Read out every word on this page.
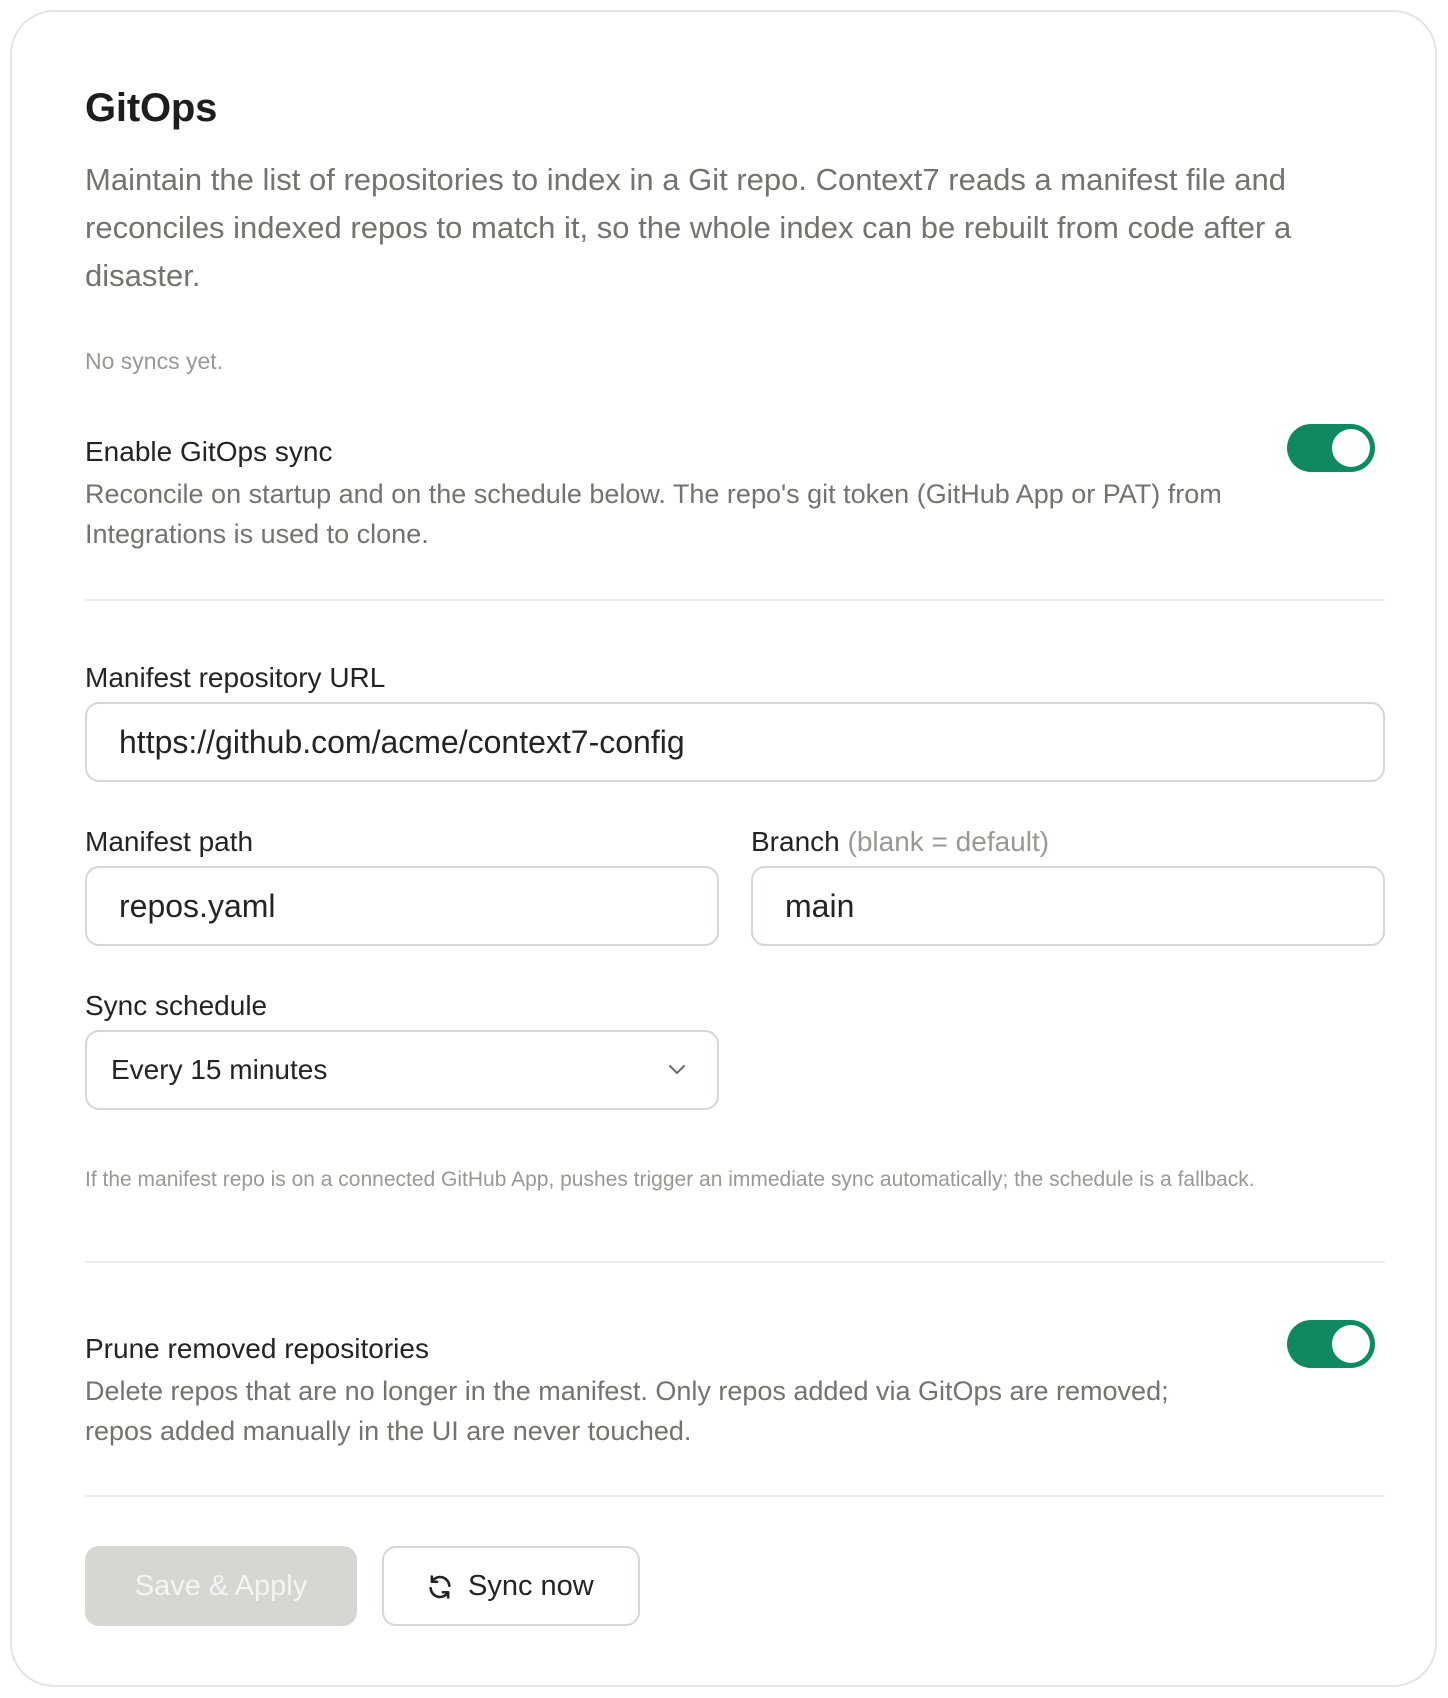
GitOps
Maintain the list of repositories to index in a Git repo. Context7 reads a manifest file and reconciles indexed repos to match it, so the whole index can be rebuilt from code after a disaster.
No syncs yet.
Enable GitOps sync
Reconcile on startup and on the schedule below. The repo's git token (GitHub App or PAT) from Integrations is used to clone.
Manifest repository URL
https://github.com/acme/context7-config
Manifest path
repos.yaml	Branch (blank = default)
main
Sync schedule
Every 15 minutes
If the manifest repo is on a connected GitHub App, pushes trigger an immediate sync automatically; the schedule is a fallback.
Prune removed repositories
Delete repos that are no longer in the manifest. Only repos added via GitOps are removed; repos added manually in the UI are never touched.
Save & Apply	Sync now
